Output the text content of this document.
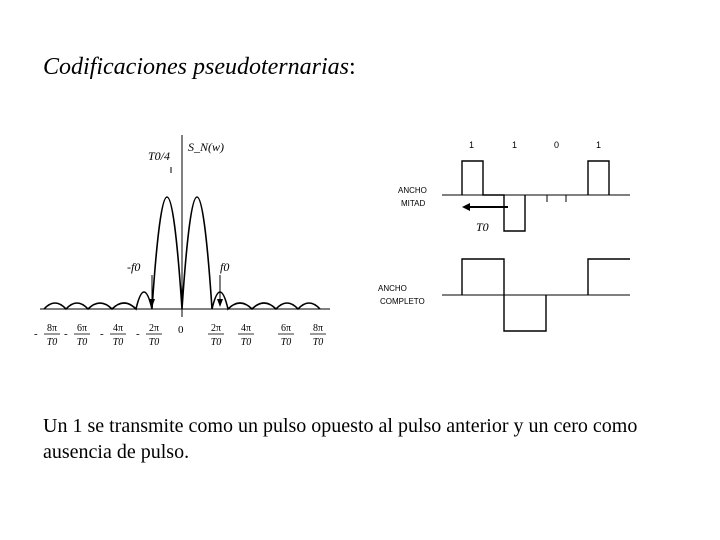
Codificaciones pseudoternarias:
S_N(w)
T0/4
-f0	f0
0
- 8π
T0
- 6π
T0
- 4π
T0
- 2π
T0
2π
T0
4π
T0
6π
T0
8π
T0
1	1	0	1
ANCHO
MITAD
T0
ANCHO
COMPLETO
Un 1 se transmite como un pulso opuesto al pulso anterior y un cero como ausencia de pulso.
